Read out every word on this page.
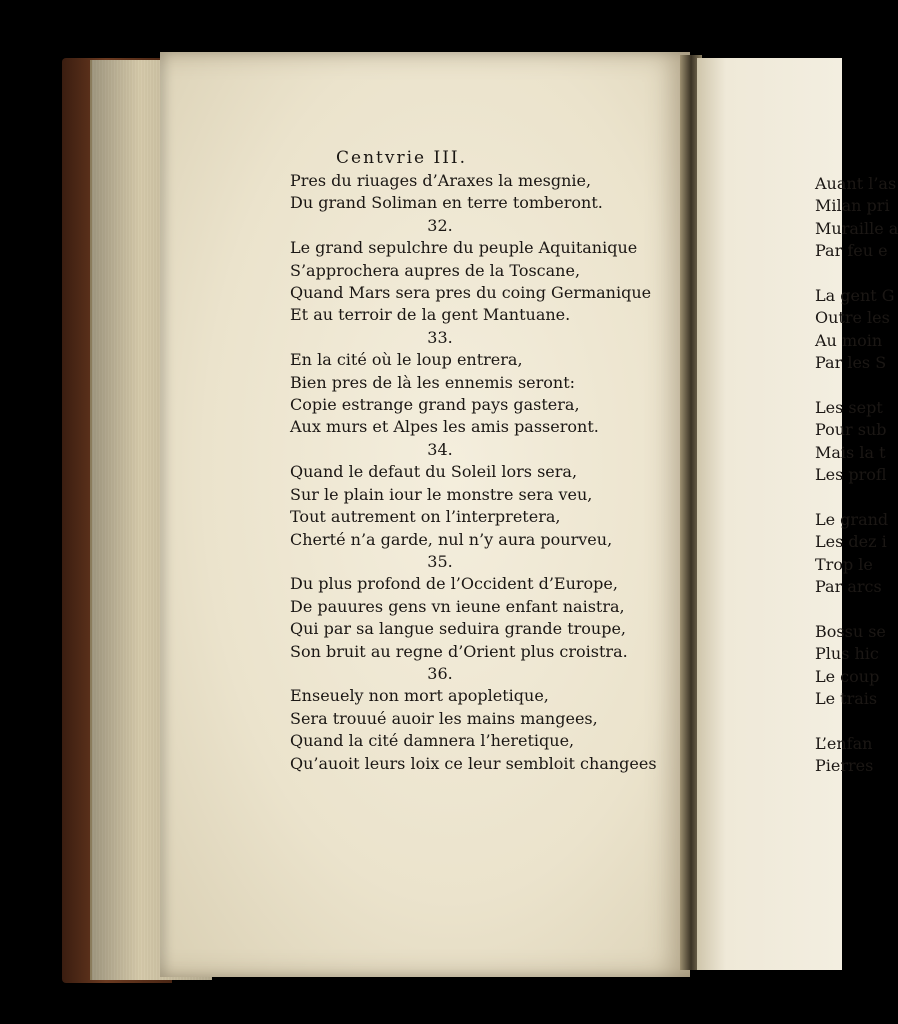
Auant l’as
Milan pri
Muraille a
Par feu e
La gent G
Outre les
Au moin
Par les S
Les sept
Pour sub
Mais la t
Les profl
Le grand
Les dez i
Trop le
Par arcs
Bossu se
Plus hic
Le coup
Le trais
L’enfan
Pierres
Centvrie III.
Pres du riuages d’Araxes la mesgnie,
Du grand Soliman en terre tomberont.
32.
Le grand sepulchre du peuple Aquitanique
S’approchera aupres de la Toscane,
Quand Mars sera pres du coing Germanique
Et au terroir de la gent Mantuane.
33.
En la cité où le loup entrera,
Bien pres de là les ennemis seront:
Copie estrange grand pays gastera,
Aux murs et Alpes les amis passeront.
34.
Quand le defaut du Soleil lors sera,
Sur le plain iour le monstre sera veu,
Tout autrement on l’interpretera,
Cherté n’a garde, nul n’y aura pourveu,
35.
Du plus profond de l’Occident d’Europe,
De pauures gens vn ieune enfant naistra,
Qui par sa langue seduira grande troupe,
Son bruit au regne d’Orient plus croistra.
36.
Enseuely non mort apopletique,
Sera trouué auoir les mains mangees,
Quand la cité damnera l’heretique,
Qu’auoit leurs loix ce leur sembloit changees
